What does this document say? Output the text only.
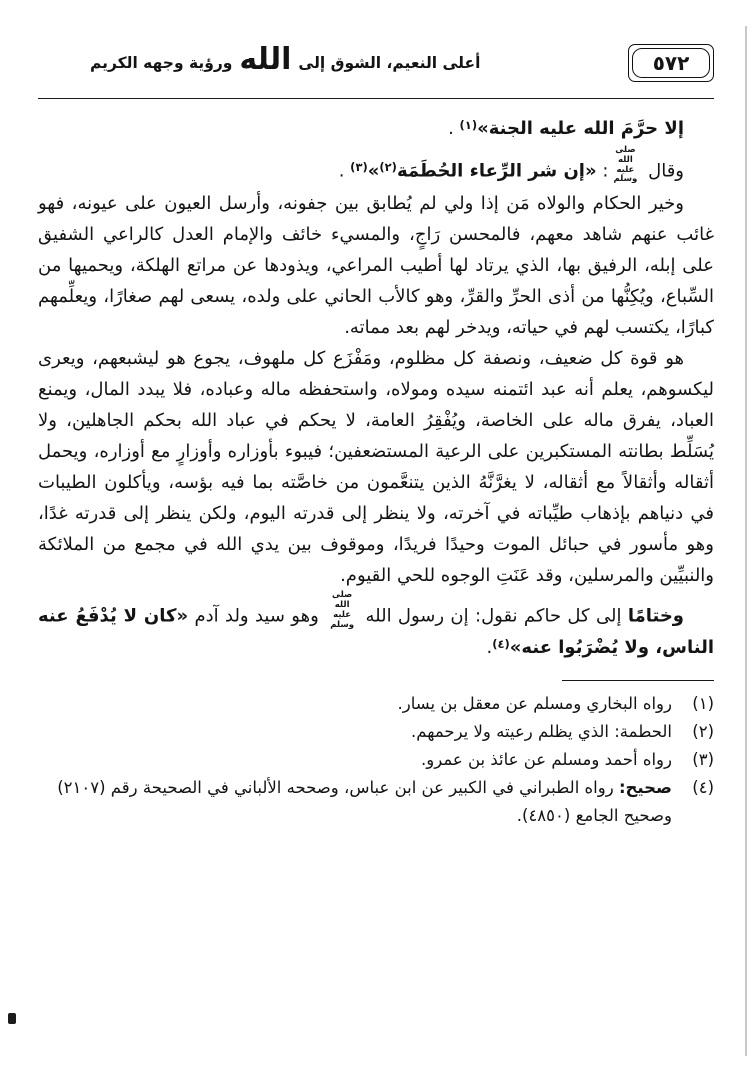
أعلى النعيم، الشوق إلى
الله
ورؤية وجهه الكريم	٥٧٢

إلا حرَّمَ الله عليه الجنة»$^{(١)}$ .

وقال صلى الله عليه وسلم: «إن شر الرِّعاء الحُطَمَة$^{(٢)}$»$^{(٣)}$ .

وخير الحكام والولاه مَن إذا ولي لم يُطابق بين جفونه، وأرسل العيون على عيونه، فهو غائب عنهم شاهد معهم، فالمحسن رَاجٍ، والمسيء خائف والإمام العدل كالراعي الشفيق على إبله، الرفيق بها، الذي يرتاد لها أطيب المراعي، ويذودها عن مراتع الهلكة، ويحميها من السِّباع، ويُكِنُّها من أذى الحرِّ والقرِّ، وهو كالأب الحاني على ولده، يسعى لهم صغارًا، ويعلِّمهم كبارًا، يكتسب لهم في حياته، ويدخر لهم بعد مماته.

هو قوة كل ضعيف، ونصفة كل مظلوم، ومَفْزَع كل ملهوف، يجوع هو ليشبعهم، ويعرى ليكسوهم، يعلم أنه عبد ائتمنه سيده ومولاه، واستحفظه ماله وعباده، فلا يبدد المال، ويمنع العباد، يفرق ماله على الخاصة، ويُفْقِرُ العامة، لا يحكم في عباد الله بحكم الجاهلين، ولا يُسَلِّط بطانته المستكبرين على الرعية المستضعفين؛ فيبوء بأوزاره وأوزارٍ مع أوزاره، ويحمل أثقاله وأثقالاً مع أثقاله، لا يغرَّنَّهُ الذين يتنعَّمون من خاصَّته بما فيه بؤسه، ويأكلون الطيبات في دنياهم بإذهاب طيِّباته في آخرته، ولا ينظر إلى قدرته اليوم، ولكن ينظر إلى قدرته غدًا، وهو مأسور في حبائل الموت وحيدًا فريدًا، وموقوف بين يدي الله في مجمع من الملائكة والنبيِّين والمرسلين، وقد عَنَتِ الوجوه للحي القيوم.

وختامًا إلى كل حاكم نقول: إن رسول الله صلى الله عليه وسلم وهو سيد ولد آدم «كان لا يُدْفَعُ عنه الناس، ولا يُضْرَبُوا عنه»$^{(٤)}$.

(١)
رواه البخاري ومسلم عن معقل بن يسار.
(٢)
الحطمة: الذي يظلم رعيته ولا يرحمهم.
(٣)
رواه أحمد ومسلم عن عائذ بن عمرو.
(٤)
صحيح: رواه الطبراني في الكبير عن ابن عباس، وصححه الألباني في الصحيحة رقم (٢١٠٧) وصحيح الجامع (٤٨٥٠).
